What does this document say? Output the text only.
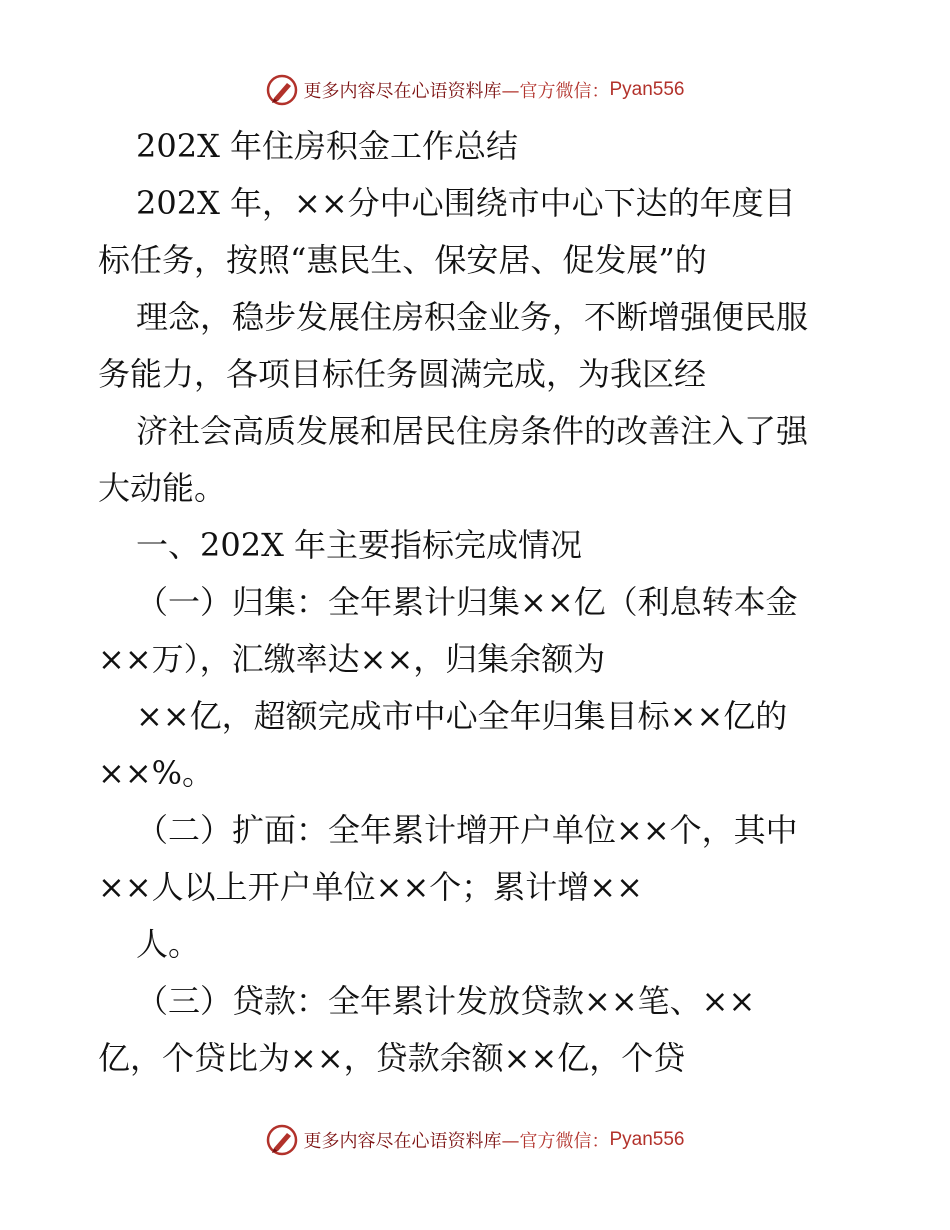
更多内容尽在心语资料库 —官方微信： Pyan556
202X 年住房积金工作总结
202X 年，××分中心围绕市中心下达的年度目
标任务，按照“惠民生、保安居、促发展”的
理念，稳步发展住房积金业务，不断增强便民服
务能力，各项目标任务圆满完成，为我区经
济社会高质发展和居民住房条件的改善注入了强
大动能。
一、202X 年主要指标完成情况
（一）归集：全年累计归集××亿（利息转本金
××万），汇缴率达××，归集余额为
××亿，超额完成市中心全年归集目标××亿的
××%。
（二）扩面：全年累计增开户单位××个，其中
××人以上开户单位××个；累计增××
人。
（三）贷款：全年累计发放贷款××笔、××
亿，个贷比为××，贷款余额××亿，个贷
更多内容尽在心语资料库 —官方微信： Pyan556
